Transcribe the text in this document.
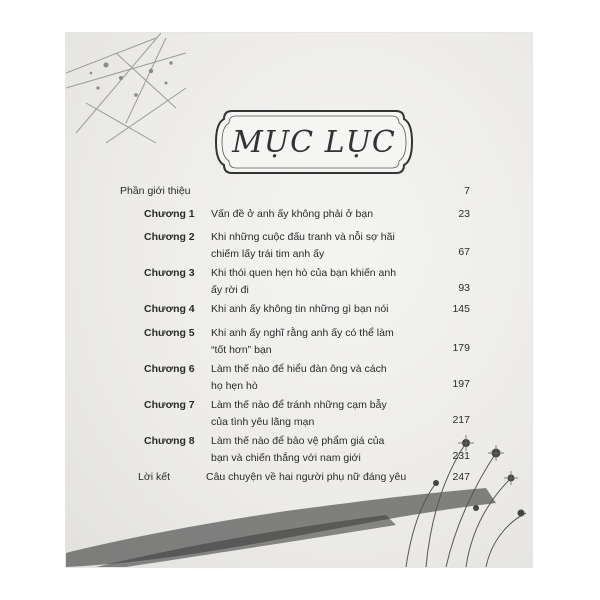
MỤC LỤC
Phần giới thiệu	7
Chương 1 Vấn đề ở anh ấy không phải ở bạn	23
Chương 2 Khi những cuộc đấu tranh và nỗi sợ hãi
chiếm lấy trái tim anh ấy	67
Chương 3 Khi thói quen hẹn hò của bạn khiến anh
ấy rời đi	93
Chương 4 Khi anh ấy không tin những gì bạn nói	145
Chương 5 Khi anh ấy nghĩ rằng anh ấy có thể làm
“tốt hơn” bạn	179
Chương 6 Làm thế nào để hiểu đàn ông và cách
họ hẹn hò	197
Chương 7 Làm thế nào để tránh những cạm bẫy
của tình yêu lãng mạn	217
Chương 8 Làm thế nào để bảo vệ phẩm giá của
bạn và chiến thắng với nam giới	231
Lời kết	Câu chuyện về hai người phụ nữ đáng yêu	247
